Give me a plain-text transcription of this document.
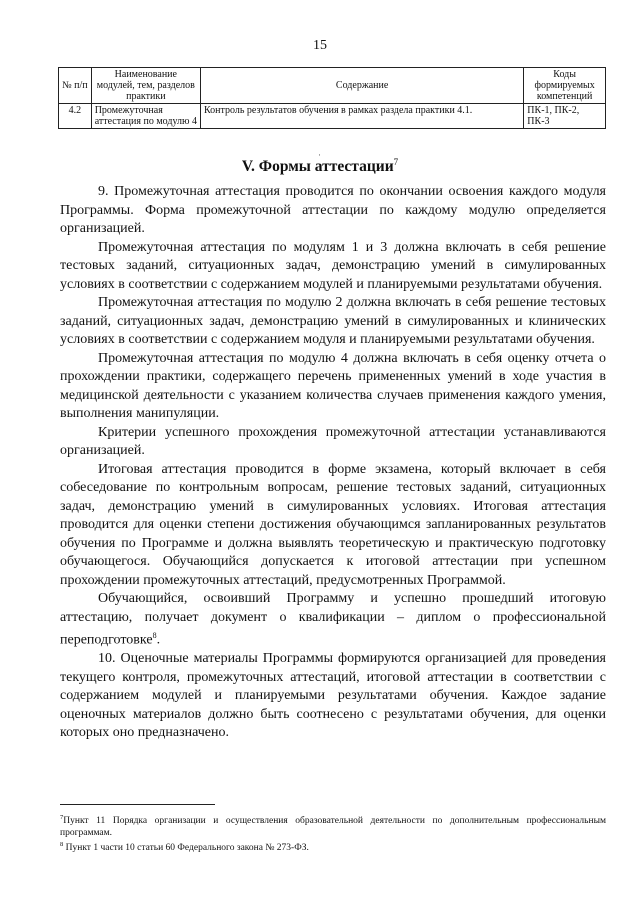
15
№ п/п	Наименование модулей, тем, разделов практики	Содержание	Коды формируемых компетенций
4.2	Промежуточная аттестация по модулю 4	Контроль результатов обучения в рамках раздела практики 4.1.	ПК-1, ПК-2, ПК-3
·
V. Формы аттестации$^7$

9. Промежуточная аттестация проводится по окончании освоения каждого модуля Программы. Форма промежуточной аттестации по каждому модулю определяется организацией.

Промежуточная аттестация по модулям 1 и 3 должна включать в себя решение тестовых заданий, ситуационных задач, демонстрацию умений в симулированных условиях в соответствии с содержанием модулей и планируемыми результатами обучения.

Промежуточная аттестация по модулю 2 должна включать в себя решение тестовых заданий, ситуационных задач, демонстрацию умений в симулированных и клинических условиях в соответствии с содержанием модуля и планируемыми результатами обучения.

Промежуточная аттестация по модулю 4 должна включать в себя оценку отчета о прохождении практики, содержащего перечень примененных умений в ходе участия в медицинской деятельности с указанием количества случаев применения каждого умения, выполнения манипуляции.

Критерии успешного прохождения промежуточной аттестации устанавливаются организацией.

Итоговая аттестация проводится в форме экзамена, который включает в себя собеседование по контрольным вопросам, решение тестовых заданий, ситуационных задач, демонстрацию умений в симулированных условиях. Итоговая аттестация проводится для оценки степени достижения обучающимся запланированных результатов обучения по Программе и должна выявлять теоретическую и практическую подготовку обучающегося. Обучающийся допускается к итоговой аттестации при успешном прохождении промежуточных аттестаций, предусмотренных Программой.

Обучающийся, освоивший Программу и успешно прошедший итоговую аттестацию, получает документ о квалификации – диплом о профессиональной переподготовке$^8$.

10. Оценочные материалы Программы формируются организацией для проведения текущего контроля, промежуточных аттестаций, итоговой аттестации в соответствии с содержанием модулей и планируемыми результатами обучения. Каждое задание оценочных материалов должно быть соотнесено с результатами обучения, для оценки которых оно предназначено.

$^7$Пункт 11 Порядка организации и осуществления образовательной деятельности по дополнительным профессиональным программам.

$^8$ Пункт 1 части 10 статьи 60 Федерального закона № 273-ФЗ.
